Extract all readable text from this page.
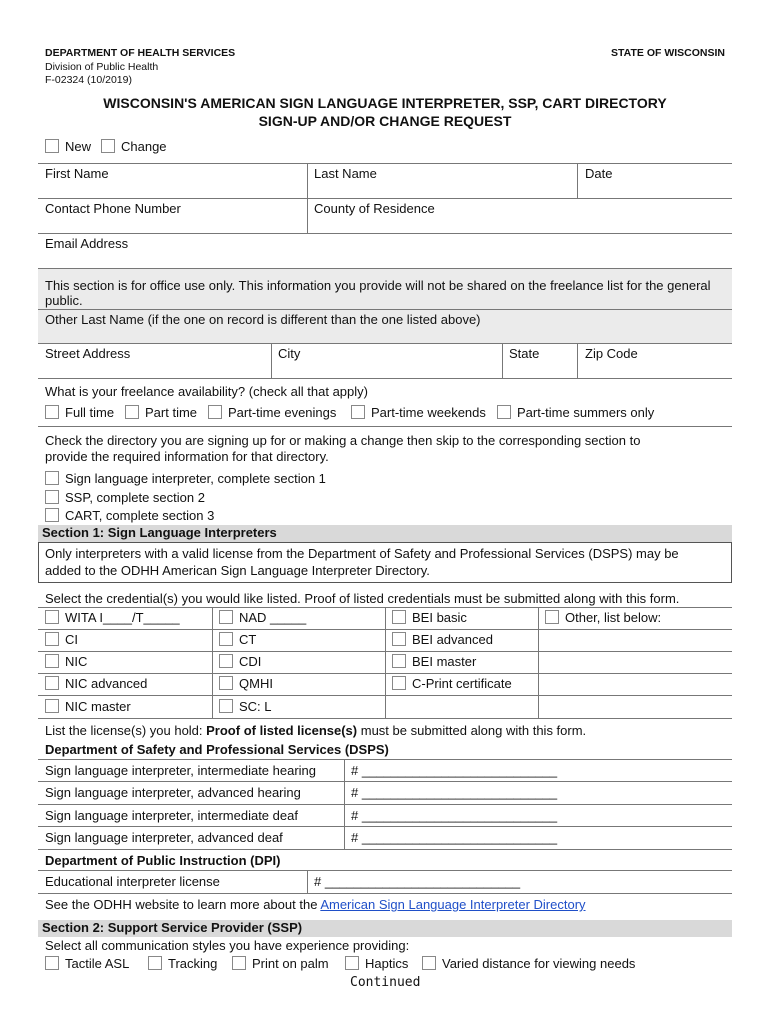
DEPARTMENT OF HEALTH SERVICES
Division of Public Health
F-02324 (10/2019)
STATE OF WISCONSIN
WISCONSIN'S AMERICAN SIGN LANGUAGE INTERPRETER, SSP, CART DIRECTORY
SIGN-UP AND/OR CHANGE REQUEST
New Change
First Name	Last Name	Date
Contact Phone Number	County of Residence
Email Address
This section is for office use only. This information you provide will not be shared on the freelance list for the general public.
Other Last Name (if the one on record is different than the one listed above)
Street Address	City	State	Zip Code
What is your freelance availability? (check all that apply)
Full time Part time Part-time evenings	Part-time weekends Part-time summers only
Check the directory you are signing up for or making a change then skip to the corresponding section to
provide the required information for that directory.
Sign language interpreter, complete section 1
SSP, complete section 2
CART, complete section 3
Section 1: Sign Language Interpreters
Only interpreters with a valid license from the Department of Safety and Professional Services (DSPS) may be
added to the ODHH American Sign Language Interpreter Directory.
Select the credential(s) you would like listed. Proof of listed credentials must be submitted along with this form.
WITA I____/T_____	NAD _____	BEI basic	Other, list below:
CI	CT	BEI advanced
NIC	CDI	BEI master
NIC advanced	QMHI	C-Print certificate
NIC master	SC: L
List the license(s) you hold: Proof of listed license(s) must be submitted along with this form.
Department of Safety and Professional Services (DSPS)
Sign language interpreter, intermediate hearing	# ___________________________
Sign language interpreter, advanced hearing	# ___________________________
Sign language interpreter, intermediate deaf	# ___________________________
Sign language interpreter, advanced deaf	# ___________________________
Department of Public Instruction (DPI)
Educational interpreter license	# ___________________________
See the ODHH website to learn more about the American Sign Language Interpreter Directory
Section 2: Support Service Provider (SSP)
Select all communication styles you have experience providing:
Tactile ASL	Tracking	Print on palm	Haptics	Varied distance for viewing needs
Continued
